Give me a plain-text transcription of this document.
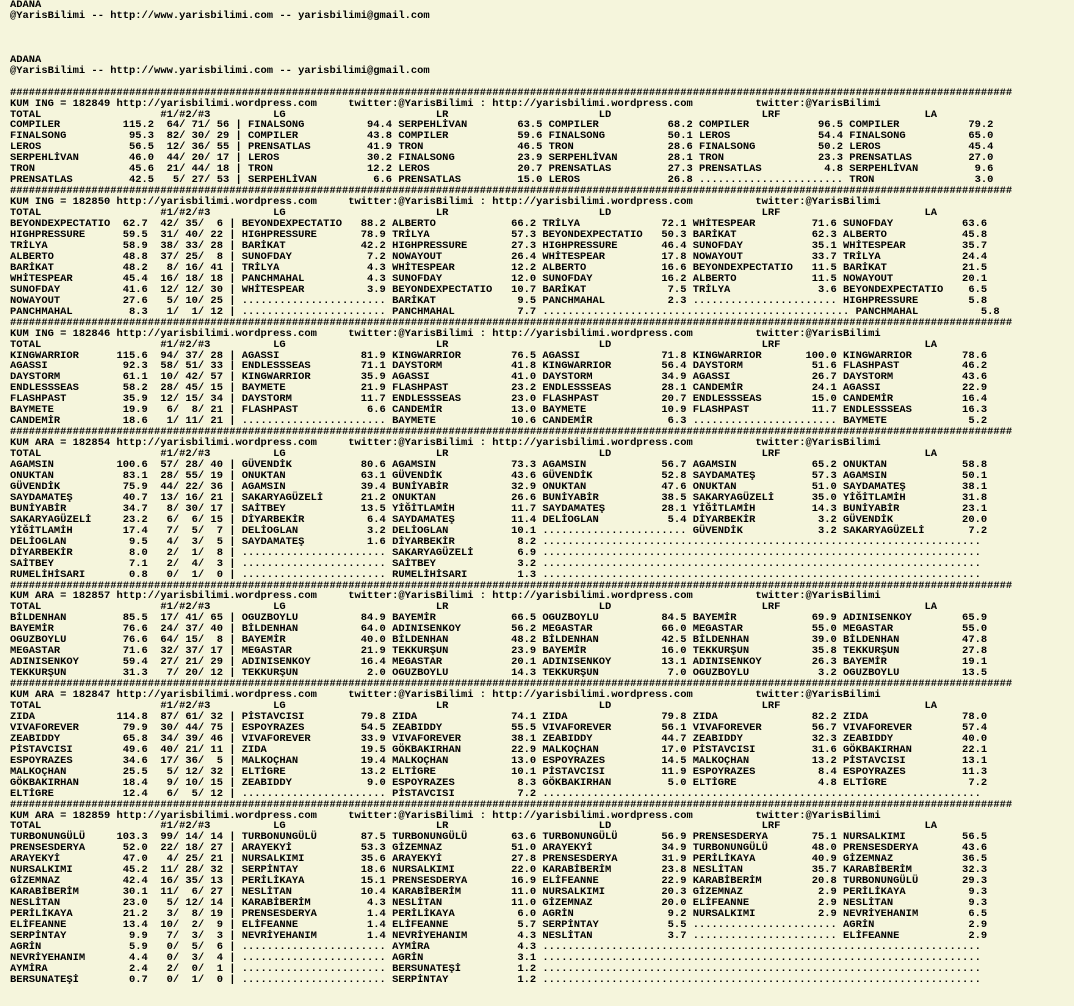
ADANA
@YarisBilimi -- http://www.yarisbilimi.com -- yarisbilimi@gmail.com

ADANA
@YarisBilimi -- http://www.yarisbilimi.com -- yarisbilimi@gmail.com

################################################################################################################################################################
KUM ING = 182849 http://yarisbilimi.wordpress.com     twitter:@YarisBilimi : http://yarisbilimi.wordpress.com          twitter:@YarisBilimi
TOTAL                   #1/#2/#3          LG                        LR                        LD                        LRF                       LA
COMPILER          115.2  64/ 71/ 56 | FINALSONG          94.4 SERPEHLİVAN        63.5 COMPILER           68.2 COMPILER           96.5 COMPILER           79.2
FINALSONG          95.3  82/ 30/ 29 | COMPILER           43.8 COMPILER           59.6 FINALSONG          50.1 LEROS              54.4 FINALSONG          65.0
LEROS              56.5  12/ 36/ 55 | PRENSATLAS         41.9 TRON               46.5 TRON               28.6 FINALSONG          50.2 LEROS              45.4
SERPEHLİVAN        46.0  44/ 20/ 17 | LEROS              30.2 FINALSONG          23.9 SERPEHLİVAN        28.1 TRON               23.3 PRENSATLAS         27.0
TRON               45.6  21/ 44/ 18 | TRON               12.2 LEROS              20.7 PRENSATLAS         27.3 PRENSATLAS          4.8 SERPEHLİVAN         9.6
PRENSATLAS         42.5   5/ 27/ 53 | SERPEHLİVAN         6.6 PRENSATLAS         15.0 LEROS              26.8 ....................... TRON                3.0
################################################################################################################################################################
KUM ING = 182850 http://yarisbilimi.wordpress.com     twitter:@YarisBilimi : http://yarisbilimi.wordpress.com          twitter:@YarisBilimi
TOTAL                   #1/#2/#3          LG                        LR                        LD                        LRF                       LA
BEYONDEXPECTATIO  62.7  42/ 35/  6 | BEYONDEXPECTATIO   88.2 ALBERTO            66.2 TRİLYA             72.1 WHİTESPEAR         71.6 SUNOFDAY           63.6
HIGHPRESSURE      59.5  31/ 40/ 22 | HIGHPRESSURE       78.9 TRİLYA             57.3 BEYONDEXPECTATIO   50.3 BARİKAT            62.3 ALBERTO            45.8
TRİLYA            58.9  38/ 33/ 28 | BARİKAT            42.2 HIGHPRESSURE       27.3 HIGHPRESSURE       46.4 SUNOFDAY           35.1 WHİTESPEAR         35.7
ALBERTO           48.8  37/ 25/  8 | SUNOFDAY            7.2 NOWAYOUT           26.4 WHİTESPEAR         17.8 NOWAYOUT           33.7 TRİLYA             24.4
BARİKAT           48.2   8/ 16/ 41 | TRİLYA              4.3 WHİTESPEAR         12.2 ALBERTO            16.6 BEYONDEXPECTATIO   11.5 BARİKAT            21.5
WHİTESPEAR        45.4  16/ 18/ 18 | PANCHMAHAL          4.3 SUNOFDAY           12.0 SUNOFDAY           16.2 ALBERTO            11.5 NOWAYOUT           20.1
SUNOFDAY          41.6  12/ 12/ 30 | WHİTESPEAR          3.9 BEYONDEXPECTATIO   10.7 BARİKAT             7.5 TRİLYA              3.6 BEYONDEXPECTATIO    6.5
NOWAYOUT          27.6   5/ 10/ 25 | ....................... BARİKAT             9.5 PANCHMAHAL          2.3 ....................... HIGHPRESSURE        5.8
PANCHMAHAL         8.3   1/  1/ 12 | ....................... PANCHMAHAL          7.7 ................................................. PANCHMAHAL          5.8
################################################################################################################################################################
KUM ING = 182846 http://yarisbilimi.wordpress.com     twitter:@YarisBilimi : http://yarisbilimi.wordpress.com          twitter:@YarisBilimi
TOTAL                   #1/#2/#3          LG                        LR                        LD                        LRF                       LA
KINGWARRIOR      115.6  94/ 37/ 28 | AGASSI             81.9 KINGWARRIOR        76.5 AGASSI             71.8 KINGWARRIOR       100.0 KINGWARRIOR        78.6
AGASSI            92.3  58/ 51/ 33 | ENDLESSSEAS        71.1 DAYSTORM           41.8 KINGWARRIOR        56.4 DAYSTORM           51.6 FLASHPAST          46.2
DAYSTORM          61.1  10/ 42/ 57 | KINGWARRIOR        35.9 AGASSI             41.0 DAYSTORM           34.9 AGASSI             26.7 DAYSTORM           43.6
ENDLESSSEAS       58.2  28/ 45/ 15 | BAYMETE            21.9 FLASHPAST          23.2 ENDLESSSEAS        28.1 CANDEMİR           24.1 AGASSI             22.9
FLASHPAST         35.9  12/ 15/ 34 | DAYSTORM           11.7 ENDLESSSEAS        23.0 FLASHPAST          20.7 ENDLESSSEAS        15.0 CANDEMİR           16.4
BAYMETE           19.9   6/  8/ 21 | FLASHPAST           6.6 CANDEMİR           13.0 BAYMETE            10.9 FLASHPAST          11.7 ENDLESSSEAS        16.3
CANDEMİR          18.6   1/ 11/ 21 | ....................... BAYMETE            10.6 CANDEMİR            6.3 ....................... BAYMETE             5.2
################################################################################################################################################################
KUM ARA = 182854 http://yarisbilimi.wordpress.com     twitter:@YarisBilimi : http://yarisbilimi.wordpress.com          twitter:@YarisBilimi
TOTAL                   #1/#2/#3          LG                        LR                        LD                        LRF                       LA
AGAMSIN          100.6  57/ 28/ 40 | GÜVENDİK           80.6 AGAMSIN            73.3 AGAMSIN            56.7 AGAMSIN            65.2 ONUKTAN            58.8
ONUKTAN           83.1  28/ 55/ 19 | ONUKTAN            63.1 GÜVENDİK           43.6 GÜVENDİK           52.8 SAYDAMATEŞ         57.3 AGAMSIN            50.1
GÜVENDİK          75.9  44/ 22/ 36 | AGAMSIN            39.4 BUNİYABİR          32.9 ONUKTAN            47.6 ONUKTAN            51.0 SAYDAMATEŞ         38.1
SAYDAMATEŞ        40.7  13/ 16/ 21 | SAKARYAGÜZELİ      21.2 ONUKTAN            26.6 BUNİYABİR          38.5 SAKARYAGÜZELİ      35.0 YİĞİTLAMİH         31.8
BUNİYABİR         34.7   8/ 30/ 17 | SAİTBEY            13.5 YİĞİTLAMİH         11.7 SAYDAMATEŞ         28.1 YİĞİTLAMİH         14.3 BUNİYABİR          23.1
SAKARYAGÜZELİ     23.2   6/  6/ 15 | DİYARBEKİR          6.4 SAYDAMATEŞ         11.4 DELİOGLAN           5.4 DİYARBEKİR          3.2 GÜVENDİK           20.0
YİĞİTLAMİH        17.4   7/  5/  7 | DELİOGLAN           3.2 DELİOGLAN          10.1 ....................... GÜVENDİK            3.2 SAKARYAGÜZELİ       7.2
DELİOGLAN          9.5   4/  3/  5 | SAYDAMATEŞ          1.6 DİYARBEKİR          8.2 ......................................................................
DİYARBEKİR         8.0   2/  1/  8 | ....................... SAKARYAGÜZELİ       6.9 ......................................................................
SAİTBEY            7.1   2/  4/  3 | ....................... SAİTBEY             3.2 ......................................................................
RUMELİHİSARI       0.8   0/  1/  0 | ....................... RUMELİHİSARI        1.3 ......................................................................
################################################################################################################################################################
KUM ARA = 182857 http://yarisbilimi.wordpress.com     twitter:@YarisBilimi : http://yarisbilimi.wordpress.com          twitter:@YarisBilimi
TOTAL                   #1/#2/#3          LG                        LR                        LD                        LRF                       LA
BİLDENHAN         85.5  17/ 41/ 65 | OGUZBOYLU          84.9 BAYEMİR            66.5 OGUZBOYLU          84.5 BAYEMİR            69.9 ADINISENKOY        65.9
BAYEMİR           76.6  24/ 37/ 40 | BİLDENHAN          64.0 ADINISENKOY        56.2 MEGASTAR           66.0 MEGASTAR           55.0 MEGASTAR           55.0
OGUZBOYLU         76.6  64/ 15/  8 | BAYEMİR            40.0 BİLDENHAN          48.2 BİLDENHAN          42.5 BİLDENHAN          39.0 BİLDENHAN          47.8
MEGASTAR          71.6  32/ 37/ 17 | MEGASTAR           21.9 TEKKURŞUN          23.9 BAYEMİR            16.0 TEKKURŞUN          35.8 TEKKURŞUN          27.8
ADINISENKOY       59.4  27/ 21/ 29 | ADINISENKOY        16.4 MEGASTAR           20.1 ADINISENKOY        13.1 ADINISENKOY        26.3 BAYEMİR            19.1
TEKKURŞUN         31.3   7/ 20/ 12 | TEKKURŞUN           2.0 OGUZBOYLU          14.3 TEKKURŞUN           7.0 OGUZBOYLU           3.2 OGUZBOYLU          13.5
################################################################################################################################################################
KUM ARA = 182847 http://yarisbilimi.wordpress.com     twitter:@YarisBilimi : http://yarisbilimi.wordpress.com          twitter:@YarisBilimi
TOTAL                   #1/#2/#3          LG                        LR                        LD                        LRF                       LA
ZIDA             114.8  87/ 61/ 32 | PİSTAVCISI         79.8 ZIDA               74.1 ZIDA               79.8 ZIDA               82.2 ZIDA               78.0
VIVAFOREVER       79.9  30/ 44/ 75 | ESPOYRAZES         54.5 ZEABIDDY           55.5 VIVAFOREVER        56.1 VIVAFOREVER        56.7 VIVAFOREVER        57.4
ZEABIDDY          65.8  34/ 39/ 46 | VIVAFOREVER        33.9 VIVAFOREVER        38.1 ZEABIDDY           44.7 ZEABIDDY           32.3 ZEABIDDY           40.0
PİSTAVCISI        49.6  40/ 21/ 11 | ZIDA               19.5 GÖKBAKIRHAN        22.9 MALKOÇHAN          17.0 PİSTAVCISI         31.6 GÖKBAKIRHAN        22.1
ESPOYRAZES        34.6  17/ 36/  5 | MALKOÇHAN          19.4 MALKOÇHAN          13.0 ESPOYRAZES         14.5 MALKOÇHAN          13.2 PİSTAVCISI         13.1
MALKOÇHAN         25.5   5/ 12/ 32 | ELTİGRE            13.2 ELTİGRE            10.1 PİSTAVCISI         11.9 ESPOYRAZES          8.4 ESPOYRAZES         11.3
GÖKBAKIRHAN       18.4   9/ 10/ 15 | ZEABIDDY            9.0 ESPOYRAZES          8.3 GÖKBAKIRHAN         5.0 ELTİGRE             4.8 ELTİGRE             7.2
ELTİGRE           12.4   6/  5/ 12 | ....................... PİSTAVCISI          7.2 ......................................................................
################################################################################################################################################################
KUM ARA = 182859 http://yarisbilimi.wordpress.com     twitter:@YarisBilimi : http://yarisbilimi.wordpress.com          twitter:@YarisBilimi
TOTAL                   #1/#2/#3          LG                        LR                        LD                        LRF                       LA
TURBONUNGÜLÜ     103.3  99/ 14/ 14 | TURBONUNGÜLÜ       87.5 TURBONUNGÜLÜ       63.6 TURBONUNGÜLÜ       56.9 PRENSESDERYA       75.1 NURSALKIMI         56.5
PRENSESDERYA      52.0  22/ 18/ 27 | ARAYEKYİ           53.3 GİZEMNAZ           51.0 ARAYEKYİ           34.9 TURBONUNGÜLÜ       48.0 PRENSESDERYA       43.6
ARAYEKYİ          47.0   4/ 25/ 21 | NURSALKIMI         35.6 ARAYEKYİ           27.8 PRENSESDERYA       31.9 PERİLİKAYA         40.9 GİZEMNAZ           36.5
NURSALKIMI        45.2  11/ 28/ 32 | SERPİNTAY          18.6 NURSALKIMI         22.0 KARABİBERİM        23.8 NESLİTAN           35.7 KARABİBERİM        32.3
GİZEMNAZ          42.4  16/ 35/ 13 | PERİLİKAYA         15.1 PRENSESDERYA       16.9 ELİFEANNE          22.9 KARABİBERİM        20.8 TURBONUNGÜLÜ       29.3
KARABİBERİM       30.1  11/  6/ 27 | NESLİTAN           10.4 KARABİBERİM        11.0 NURSALKIMI         20.3 GİZEMNAZ            2.9 PERİLİKAYA          9.3
NESLİTAN          23.0   5/ 12/ 14 | KARABİBERİM         4.3 NESLİTAN           11.0 GİZEMNAZ           20.0 ELİFEANNE           2.9 NESLİTAN            9.3
PERİLİKAYA        21.2   3/  8/ 19 | PRENSESDERYA        1.4 PERİLİKAYA          6.0 AGRİN               9.2 NURSALKIMI          2.9 NEVRİYEHANIM        6.5
ELİFEANNE         13.4  10/  2/  9 | ELİFEANNE           1.4 ELİFEANNE           5.7 SERPİNTAY           5.5 ....................... AGRİN               2.9
SERPİNTAY          9.9   7/  3/  3 | NEVRİYEHANIM        1.4 NEVRİYEHANIM        4.3 NESLİTAN            3.7 ....................... ELİFEANNE           2.9
AGRİN              5.9   0/  5/  6 | ....................... AYMİRA              4.3 ......................................................................
NEVRİYEHANIM       4.4   0/  3/  4 | ....................... AGRİN               3.1 ......................................................................
AYMİRA             2.4   2/  0/  1 | ....................... BERSUNATEŞİ         1.2 ......................................................................
BERSUNATEŞİ        0.7   0/  1/  0 | ....................... SERPİNTAY           1.2 ......................................................................
